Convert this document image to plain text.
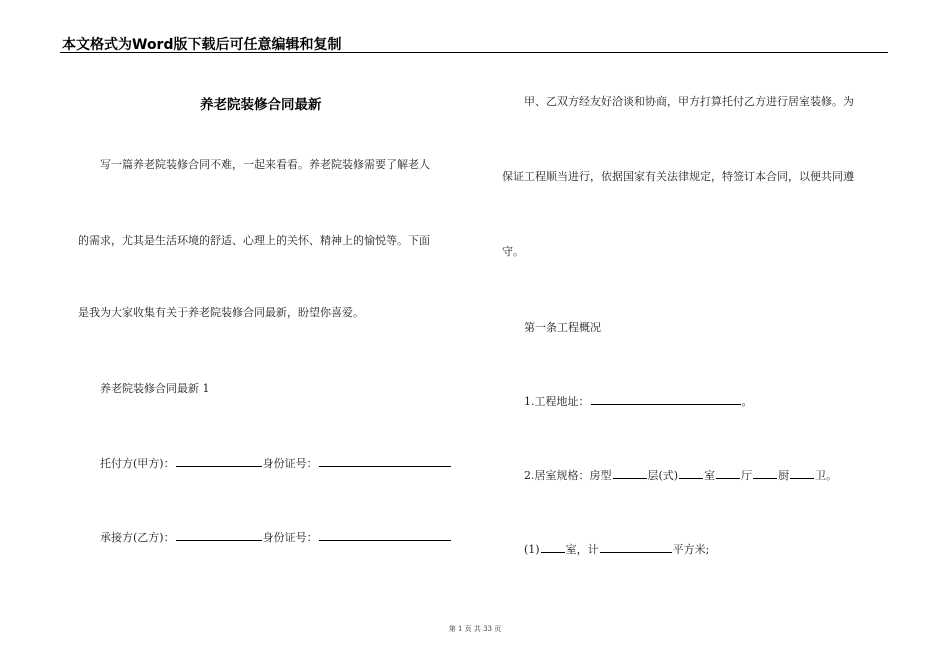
本文格式为Word版下载后可任意编辑和复制
养老院装修合同最新
写一篇养老院装修合同不难，一起来看看。养老院装修需要了解老人
的需求，尤其是生活环境的舒适、心理上的关怀、精神上的愉悦等。下面
是我为大家收集有关于养老院装修合同最新，盼望你喜爱。
养老院装修合同最新 1
托付方(甲方)：	身份证号：
承接方(乙方)：	身份证号：
甲、乙双方经友好洽谈和协商，甲方打算托付乙方进行居室装修。为
保证工程顺当进行，依据国家有关法律规定，特签订本合同，以便共同遵
守。
第一条工程概况
1.工程地址：	。
2.居室规格：房型	层(式) 室 厅 厨 卫。
(1) 室，计	平方米;
第 1 页 共 33 页
